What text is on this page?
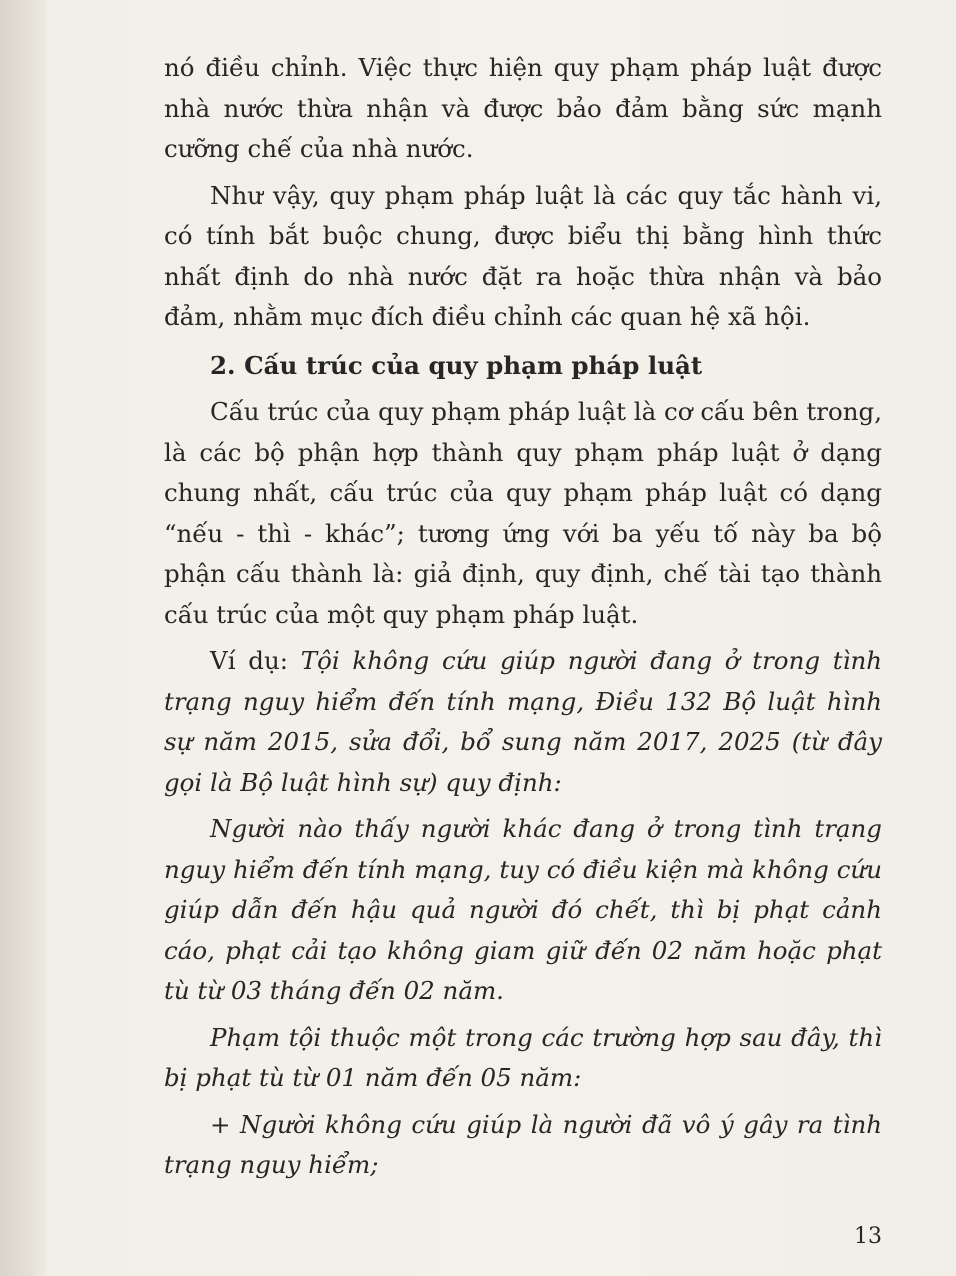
nó điều chỉnh. Việc thực hiện quy phạm pháp luật được nhà nước thừa nhận và được bảo đảm bằng sức mạnh cưỡng chế của nhà nước.

Như vậy, quy phạm pháp luật là các quy tắc hành vi, có tính bắt buộc chung, được biểu thị bằng hình thức nhất định do nhà nước đặt ra hoặc thừa nhận và bảo đảm, nhằm mục đích điều chỉnh các quan hệ xã hội.

2. Cấu trúc của quy phạm pháp luật

Cấu trúc của quy phạm pháp luật là cơ cấu bên trong, là các bộ phận hợp thành quy phạm pháp luật ở dạng chung nhất, cấu trúc của quy phạm pháp luật có dạng “nếu - thì - khác”; tương ứng với ba yếu tố này ba bộ phận cấu thành là: giả định, quy định, chế tài tạo thành cấu trúc của một quy phạm pháp luật.

Ví dụ: Tội không cứu giúp người đang ở trong tình trạng nguy hiểm đến tính mạng, Điều 132 Bộ luật hình sự năm 2015, sửa đổi, bổ sung năm 2017, 2025 (từ đây gọi là Bộ luật hình sự) quy định:

Người nào thấy người khác đang ở trong tình trạng nguy hiểm đến tính mạng, tuy có điều kiện mà không cứu giúp dẫn đến hậu quả người đó chết, thì bị phạt cảnh cáo, phạt cải tạo không giam giữ đến 02 năm hoặc phạt tù từ 03 tháng đến 02 năm.

Phạm tội thuộc một trong các trường hợp sau đây, thì bị phạt tù từ 01 năm đến 05 năm:

+ Người không cứu giúp là người đã vô ý gây ra tình trạng nguy hiểm;

13
